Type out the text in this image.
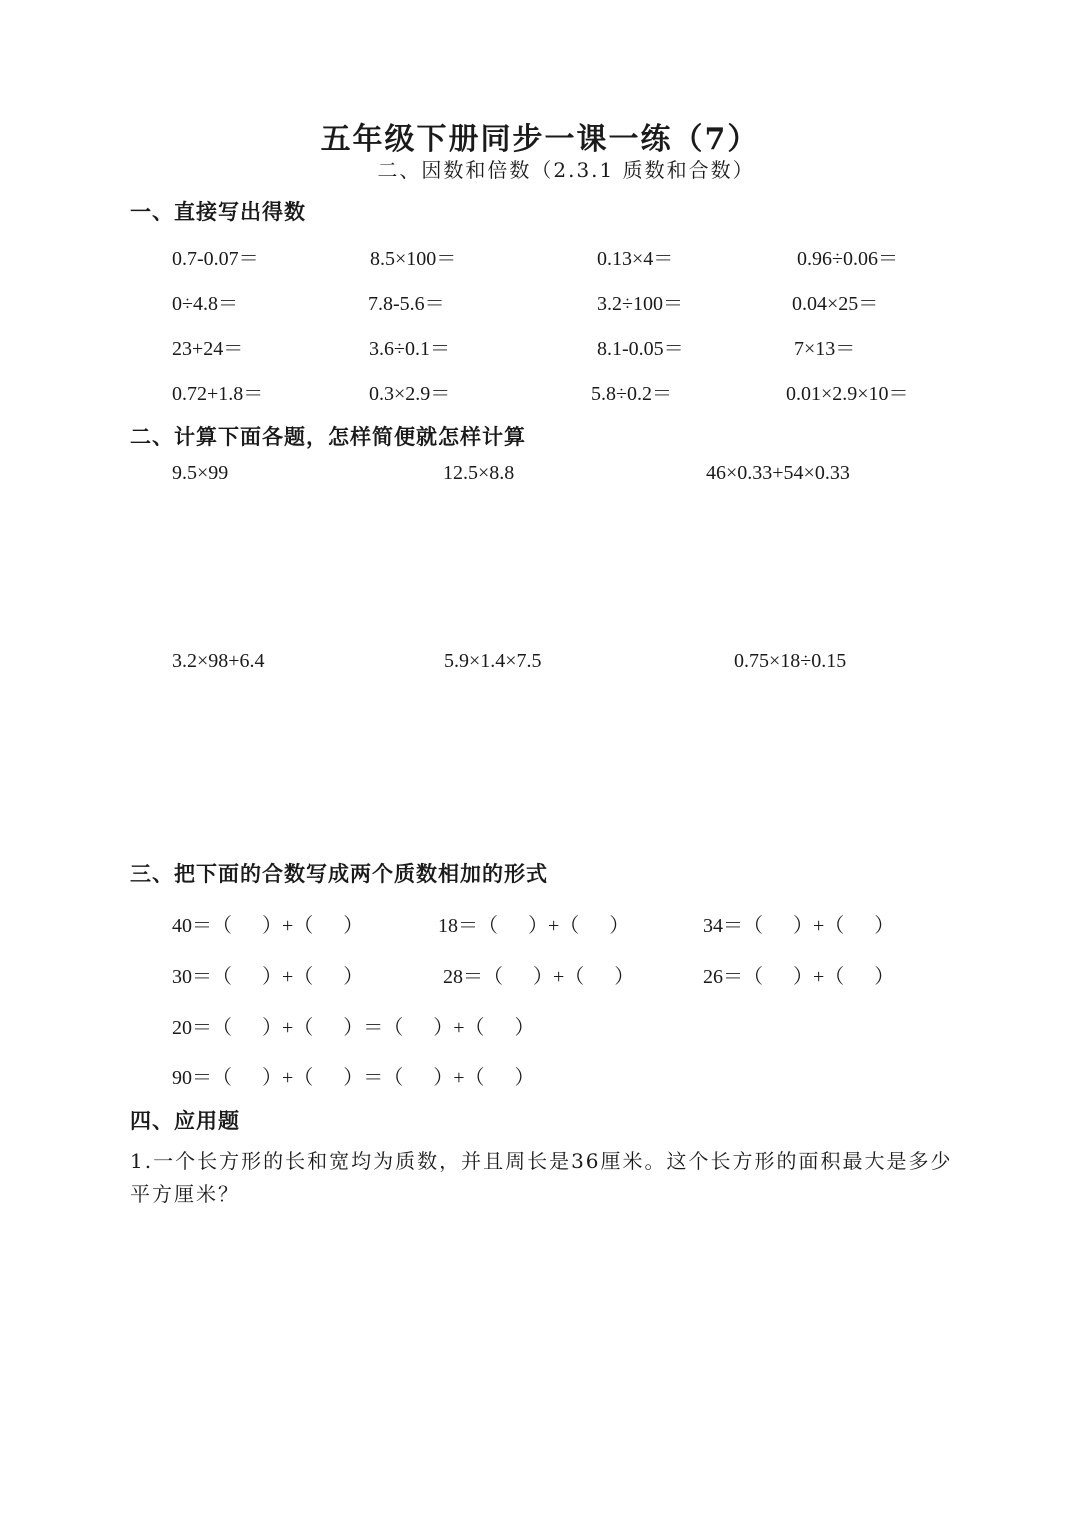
五年级下册同步一课一练（7）
二、因数和倍数（2.3.1 质数和合数）
一、直接写出得数
0.7-0.07＝	8.5×100＝	0.13×4＝	0.96÷0.06＝
0÷4.8＝	7.8-5.6＝	3.2÷100＝	0.04×25＝
23+24＝	3.6÷0.1＝	8.1-0.05＝	7×13＝
0.72+1.8＝	0.3×2.9＝	5.8÷0.2＝	0.01×2.9×10＝
二、计算下面各题，怎样简便就怎样计算
9.5×99	12.5×8.8	46×0.33+54×0.33
3.2×98+6.4	5.9×1.4×7.5	0.75×18÷0.15
三、把下面的合数写成两个质数相加的形式
40＝（      ）+（      ）	18＝（      ）+（      ）	34＝（      ）+（      ）
30＝（      ）+（      ）	28＝（      ）+（      ）	26＝（      ）+（      ）
20＝（      ）+（      ）＝（      ）+（      ）
90＝（      ）+（      ）＝（      ）+（      ）
四、应用题
1.一个长方形的长和宽均为质数，并且周长是36厘米。这个长方形的面积最大是多少平方厘米？
